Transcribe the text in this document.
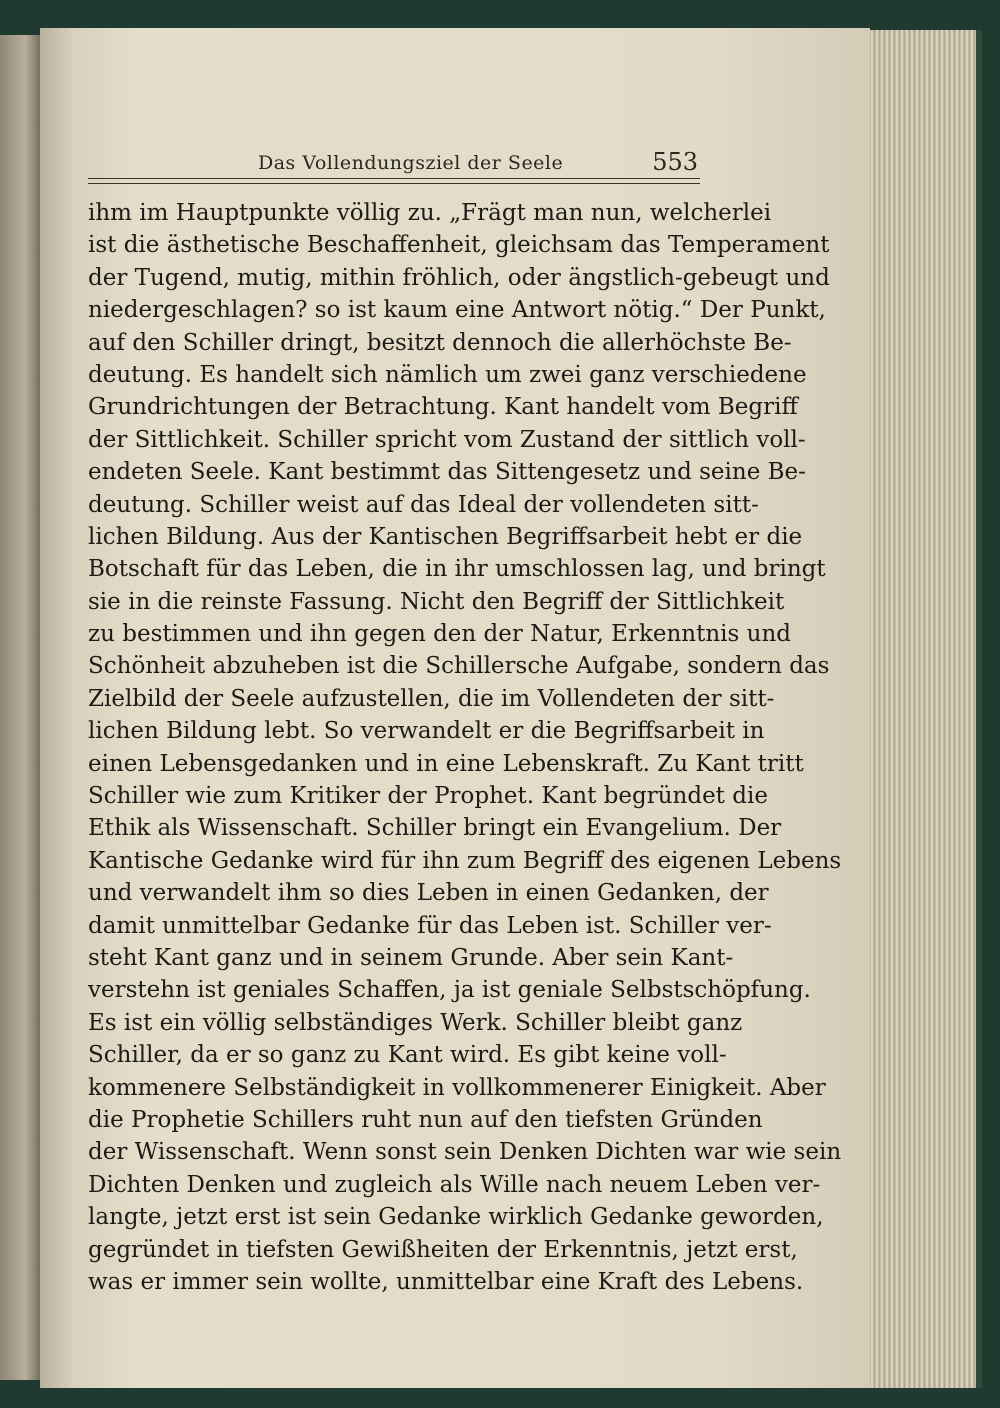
Das Vollendungsziel der Seele	553
ihm im Hauptpunkte völlig zu. „Frägt man nun, welcherlei
ist die ästhetische Beschaffenheit, gleichsam das Temperament
der Tugend, mutig, mithin fröhlich, oder ängstlich-gebeugt und
niedergeschlagen? so ist kaum eine Antwort nötig.“ Der Punkt,
auf den Schiller dringt, besitzt dennoch die allerhöchste Be-
deutung. Es handelt sich nämlich um zwei ganz verschiedene
Grundrichtungen der Betrachtung. Kant handelt vom Begriff
der Sittlichkeit. Schiller spricht vom Zustand der sittlich voll-
endeten Seele. Kant bestimmt das Sittengesetz und seine Be-
deutung. Schiller weist auf das Ideal der vollendeten sitt-
lichen Bildung. Aus der Kantischen Begriffsarbeit hebt er die
Botschaft für das Leben, die in ihr umschlossen lag, und bringt
sie in die reinste Fassung. Nicht den Begriff der Sittlichkeit
zu bestimmen und ihn gegen den der Natur, Erkenntnis und
Schönheit abzuheben ist die Schillersche Aufgabe, sondern das
Zielbild der Seele aufzustellen, die im Vollendeten der sitt-
lichen Bildung lebt. So verwandelt er die Begriffsarbeit in
einen Lebensgedanken und in eine Lebenskraft. Zu Kant tritt
Schiller wie zum Kritiker der Prophet. Kant begründet die
Ethik als Wissenschaft. Schiller bringt ein Evangelium. Der
Kantische Gedanke wird für ihn zum Begriff des eigenen Lebens
und verwandelt ihm so dies Leben in einen Gedanken, der
damit unmittelbar Gedanke für das Leben ist. Schiller ver-
steht Kant ganz und in seinem Grunde. Aber sein Kant-
verstehn ist geniales Schaffen, ja ist geniale Selbstschöpfung.
Es ist ein völlig selbständiges Werk. Schiller bleibt ganz
Schiller, da er so ganz zu Kant wird. Es gibt keine voll-
kommenere Selbständigkeit in vollkommenerer Einigkeit. Aber
die Prophetie Schillers ruht nun auf den tiefsten Gründen
der Wissenschaft. Wenn sonst sein Denken Dichten war wie sein
Dichten Denken und zugleich als Wille nach neuem Leben ver-
langte, jetzt erst ist sein Gedanke wirklich Gedanke geworden,
gegründet in tiefsten Gewißheiten der Erkenntnis, jetzt erst,
was er immer sein wollte, unmittelbar eine Kraft des Lebens.
